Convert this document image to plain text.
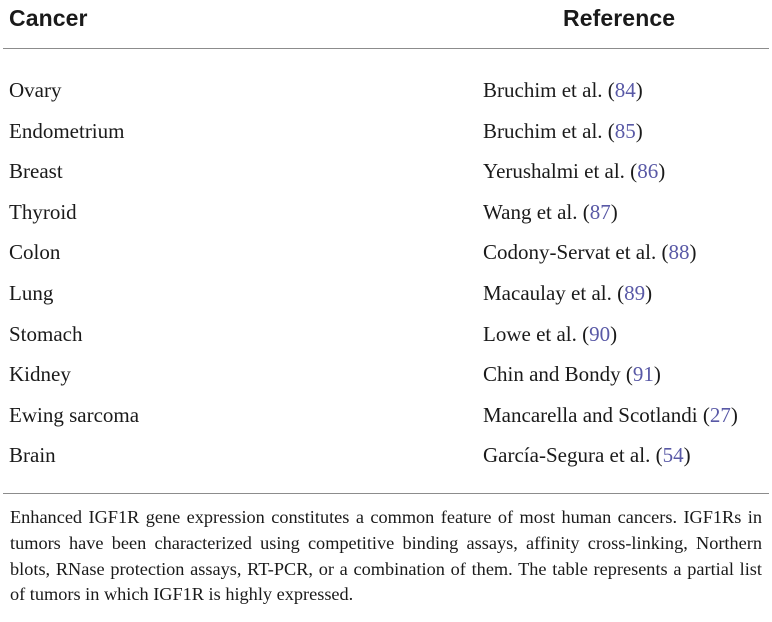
Cancer	Reference
Ovary	Bruchim et al. (84)
Endometrium	Bruchim et al. (85)
Breast	Yerushalmi et al. (86)
Thyroid	Wang et al. (87)
Colon	Codony-Servat et al. (88)
Lung	Macaulay et al. (89)
Stomach	Lowe et al. (90)
Kidney	Chin and Bondy (91)
Ewing sarcoma	Mancarella and Scotlandi (27)
Brain	García-Segura et al. (54)

Enhanced IGF1R gene expression constitutes a common feature of most human cancers. IGF1Rs in tumors have been characterized using competitive binding assays, affinity cross-linking, Northern blots, RNase protection assays, RT-PCR, or a combination of them. The table represents a partial list of tumors in which IGF1R is highly expressed.
